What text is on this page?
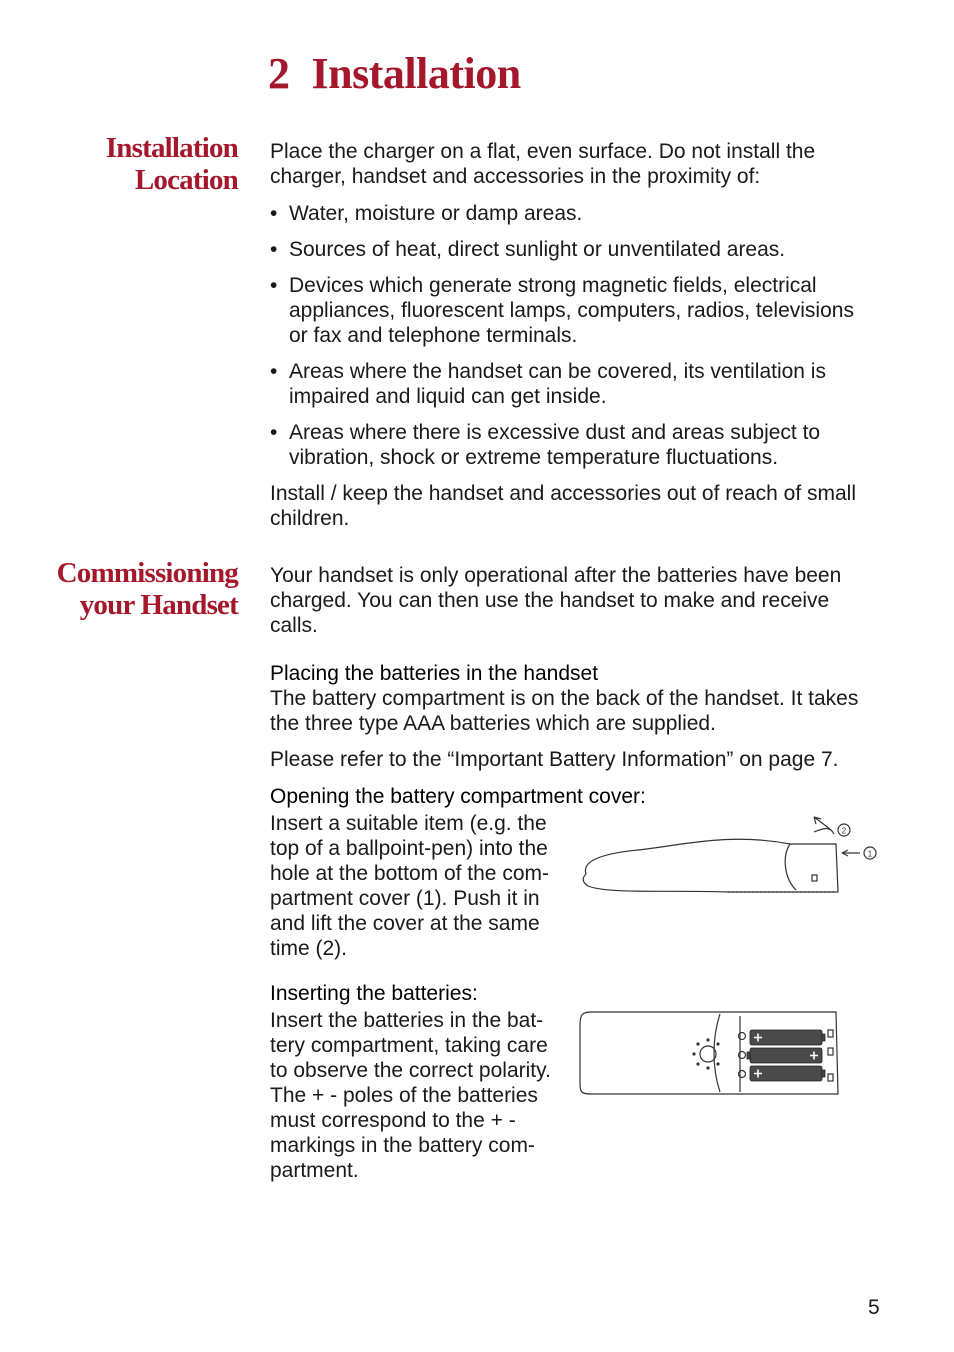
2 Installation
Installation
Location

Place the charger on a flat, even surface. Do not install the charger, handset and accessories in the proximity of:

• Water, moisture or damp areas.
• Sources of heat, direct sunlight or unventilated areas.
• Devices which generate strong magnetic fields, electrical appliances, fluorescent lamps, computers, radios, televisions or fax and telephone terminals.
• Areas where the handset can be covered, its ventilation is impaired and liquid can get inside.
• Areas where there is excessive dust and areas subject to vibration, shock or extreme temperature fluctuations.

Install / keep the handset and accessories out of reach of small children.

Commissioning
your Handset

Your handset is only operational after the batteries have been charged. You can then use the handset to make and receive calls.

Placing the batteries in the handset

The battery compartment is on the back of the handset. It takes the three type AAA batteries which are supplied.

Please refer to the “Important Battery Information” on page 7.

Opening the battery compartment cover:

Insert a suitable item (e.g. the top of a ballpoint-pen) into the hole at the bottom of the com-partment cover (1). Push it in and lift the cover at the same time (2).

Inserting the batteries:

Insert the batteries in the bat-tery compartment, taking care to observe the correct polarity. The + - poles of the batteries must correspond to the + -markings in the battery com-partment.

2
1
5
